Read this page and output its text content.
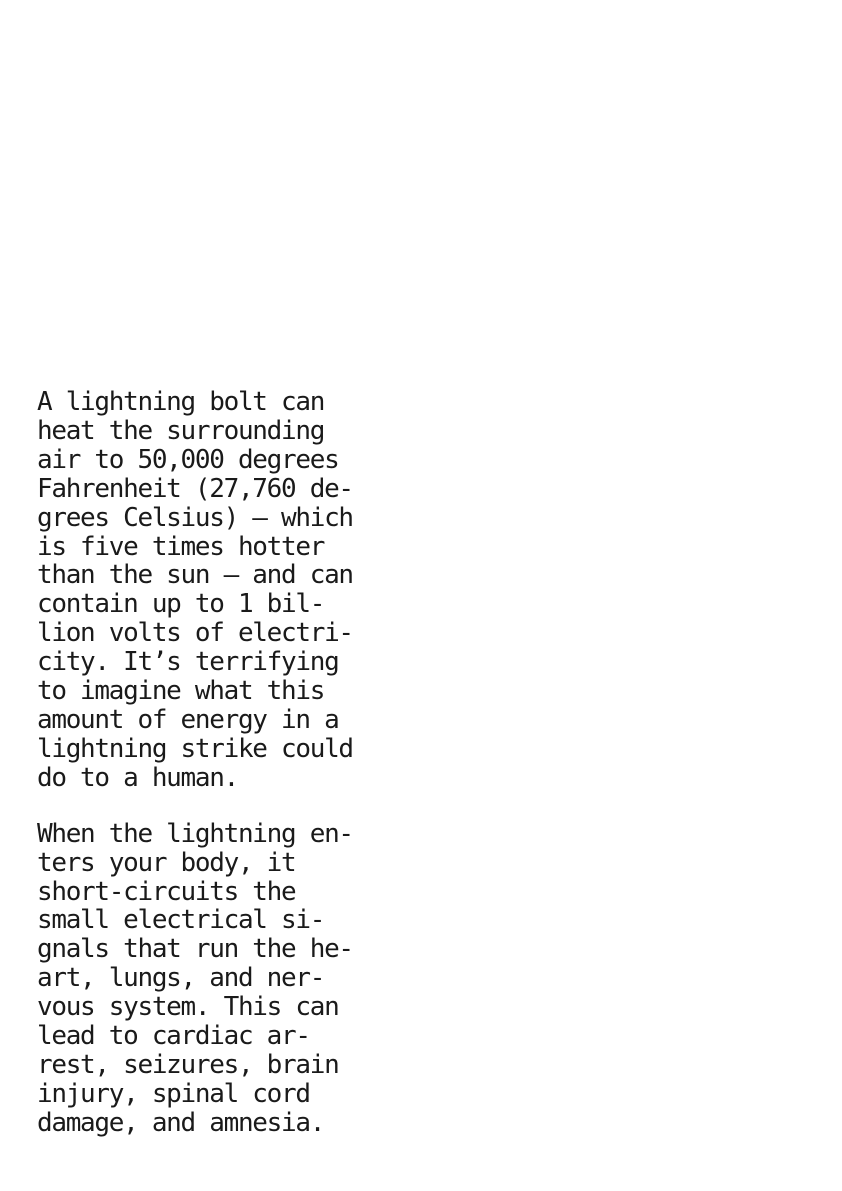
A lightning bolt can
heat the surrounding
air to 50,000 degrees
Fahrenheit (27,760 de-
grees Celsius) – which
is five times hotter
than the sun – and can
contain up to 1 bil-
lion volts of electri-
city. It’s terrifying
to imagine what this
amount of energy in a
lightning strike could
do to a human.

When the lightning en-
ters your body, it
short-circuits the
small electrical si-
gnals that run the he-
art, lungs, and ner-
vous system. This can
lead to cardiac ar-
rest, seizures, brain
injury, spinal cord
damage, and amnesia.
